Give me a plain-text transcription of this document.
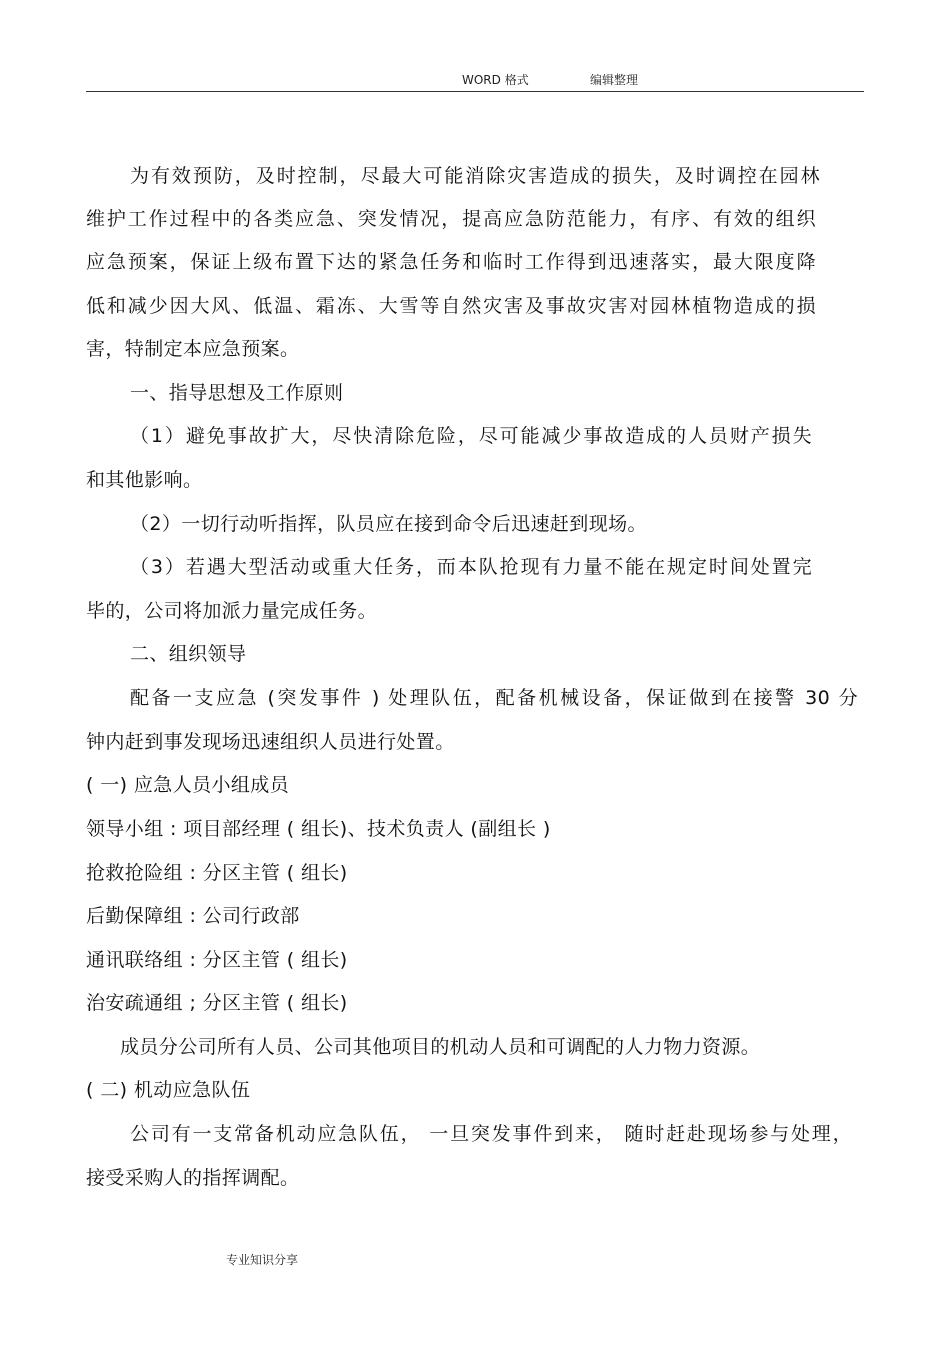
WORD 格式	编辑整理
为有效预防，及时控制，尽最大可能消除灾害造成的损失，及时调控在园林
维护工作过程中的各类应急、突发情况，提高应急防范能力，有序、有效的组织
应急预案，保证上级布置下达的紧急任务和临时工作得到迅速落实，最大限度降
低和减少因大风、低温、霜冻、大雪等自然灾害及事故灾害对园林植物造成的损
害，特制定本应急预案。
一、指导思想及工作原则
（1）避免事故扩大，尽快清除危险，尽可能减少事故造成的人员财产损失
和其他影响。
（2）一切行动听指挥，队员应在接到命令后迅速赶到现场。
（3）若遇大型活动或重大任务，而本队抢现有力量不能在规定时间处置完
毕的，公司将加派力量完成任务。
二、组织领导
配备一支应急 (突发事件 ) 处理队伍，配备机械设备，保证做到在接警 30 分
钟内赶到事发现场迅速组织人员进行处置。
( 一) 应急人员小组成员
领导小组 : 项目部经理 ( 组长)、技术负责人 (副组长 )
抢救抢险组 : 分区主管 ( 组长)
后勤保障组 : 公司行政部
通讯联络组 : 分区主管 ( 组长)
治安疏通组 ; 分区主管 ( 组长)
成员分公司所有人员、公司其他项目的机动人员和可调配的人力物力资源。
( 二) 机动应急队伍
公司有一支常备机动应急队伍， 一旦突发事件到来， 随时赶赴现场参与处理，
接受采购人的指挥调配。
专业知识分享
